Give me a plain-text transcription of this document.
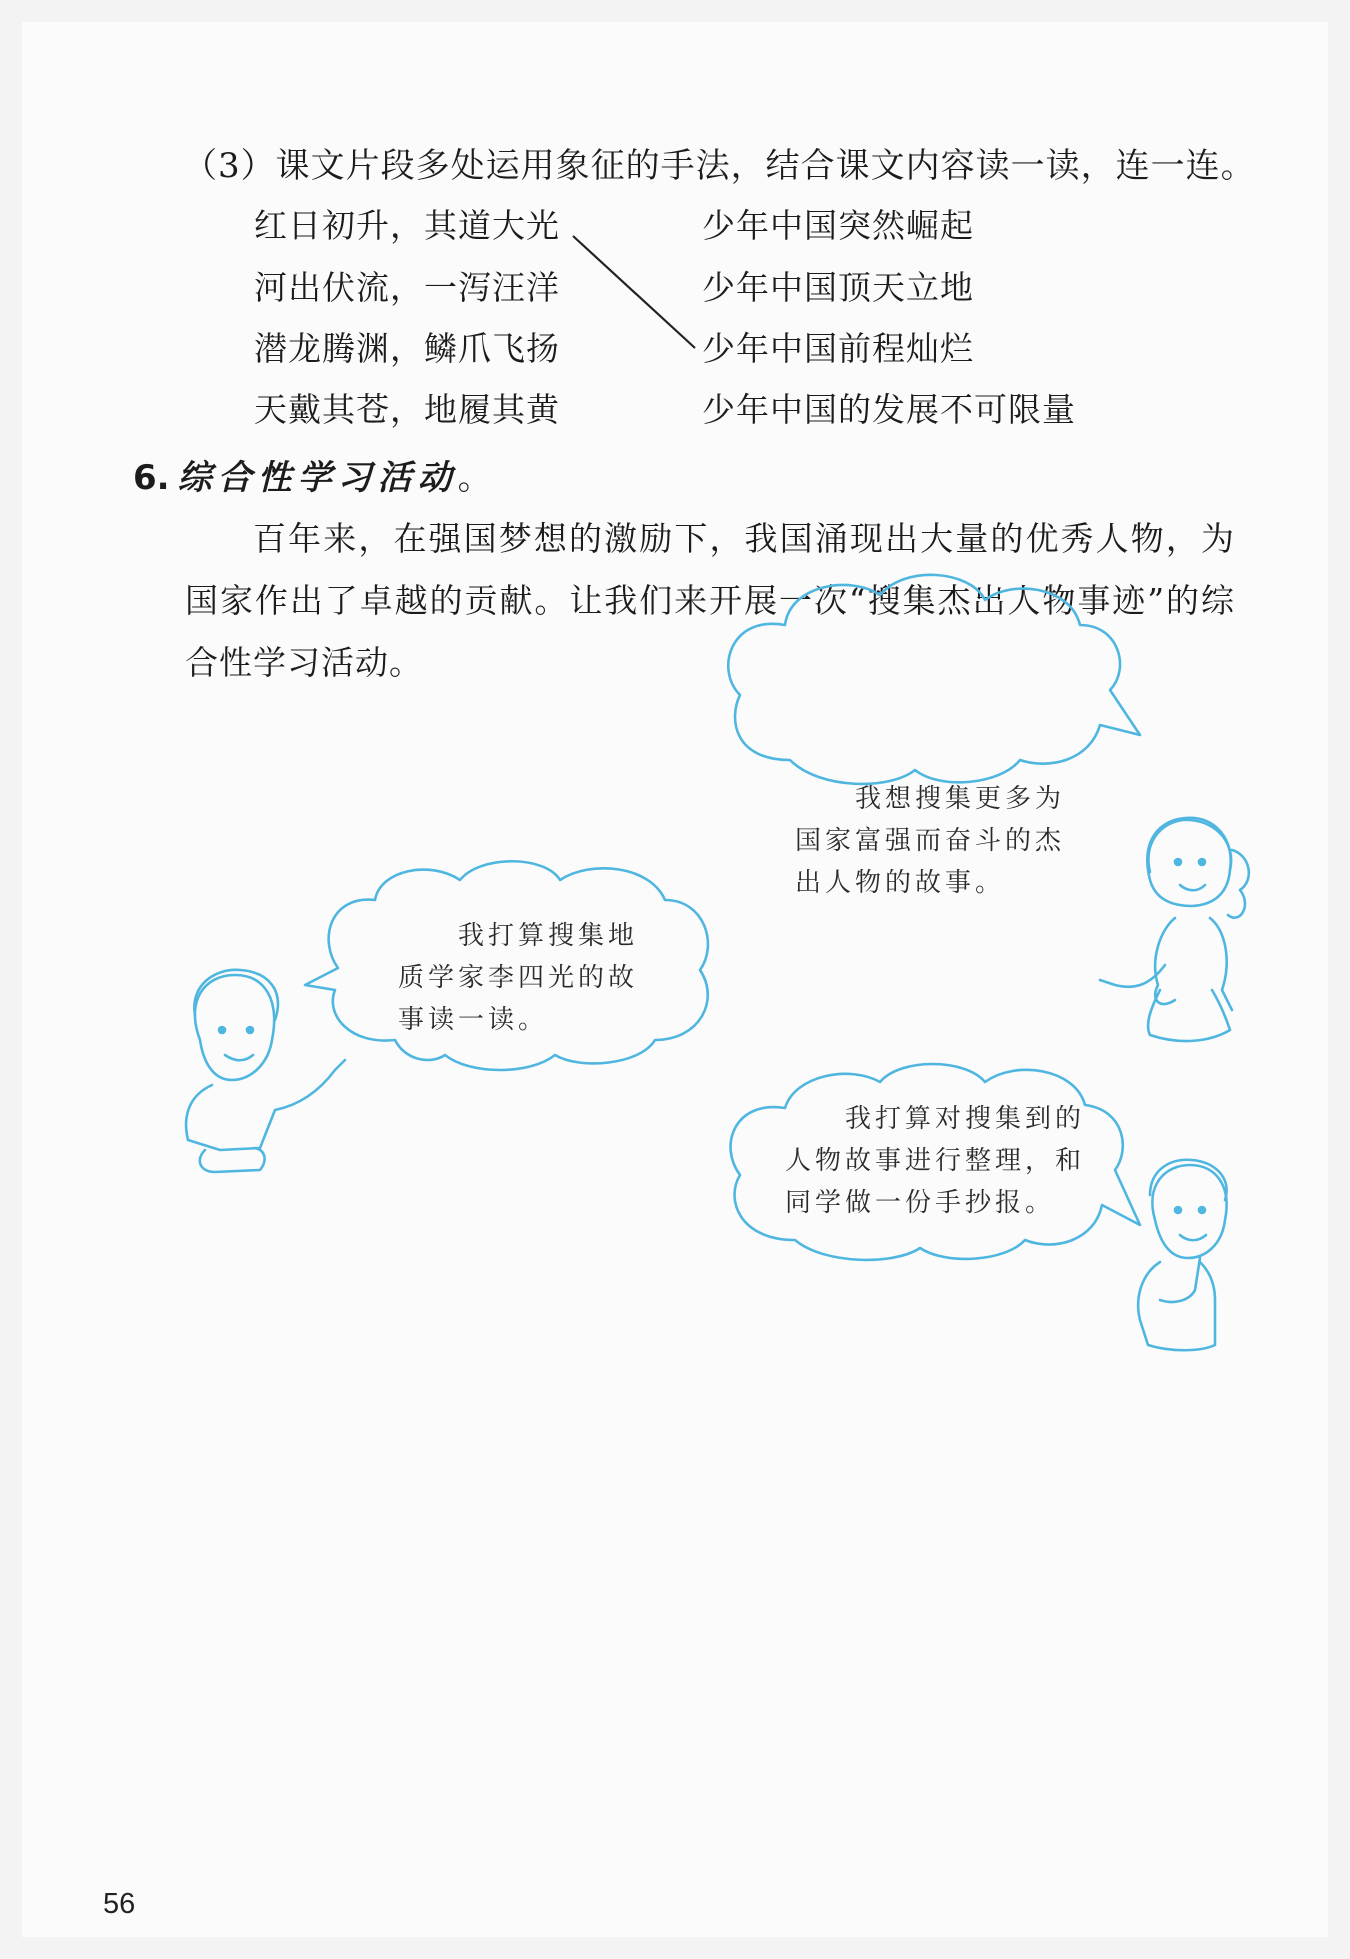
（3）课文片段多处运用象征的手法，结合课文内容读一读，连一连。
红日初升，其道大光
河出伏流，一泻汪洋
潜龙腾渊，鳞爪飞扬
天戴其苍，地履其黄
少年中国突然崛起
少年中国顶天立地
少年中国前程灿烂
少年中国的发展不可限量
6. 综合性学习活动。
百年来，在强国梦想的激励下，我国涌现出大量的优秀人物，为国家作出了卓越的贡献。让我们来开展一次“搜集杰出人物事迹”的综合性学习活动。
我想搜集更多为
国家富强而奋斗的杰
出人物的故事。
我打算搜集地
质学家李四光的故
事读一读。
我打算对搜集到的
人物故事进行整理，和
同学做一份手抄报。
56
